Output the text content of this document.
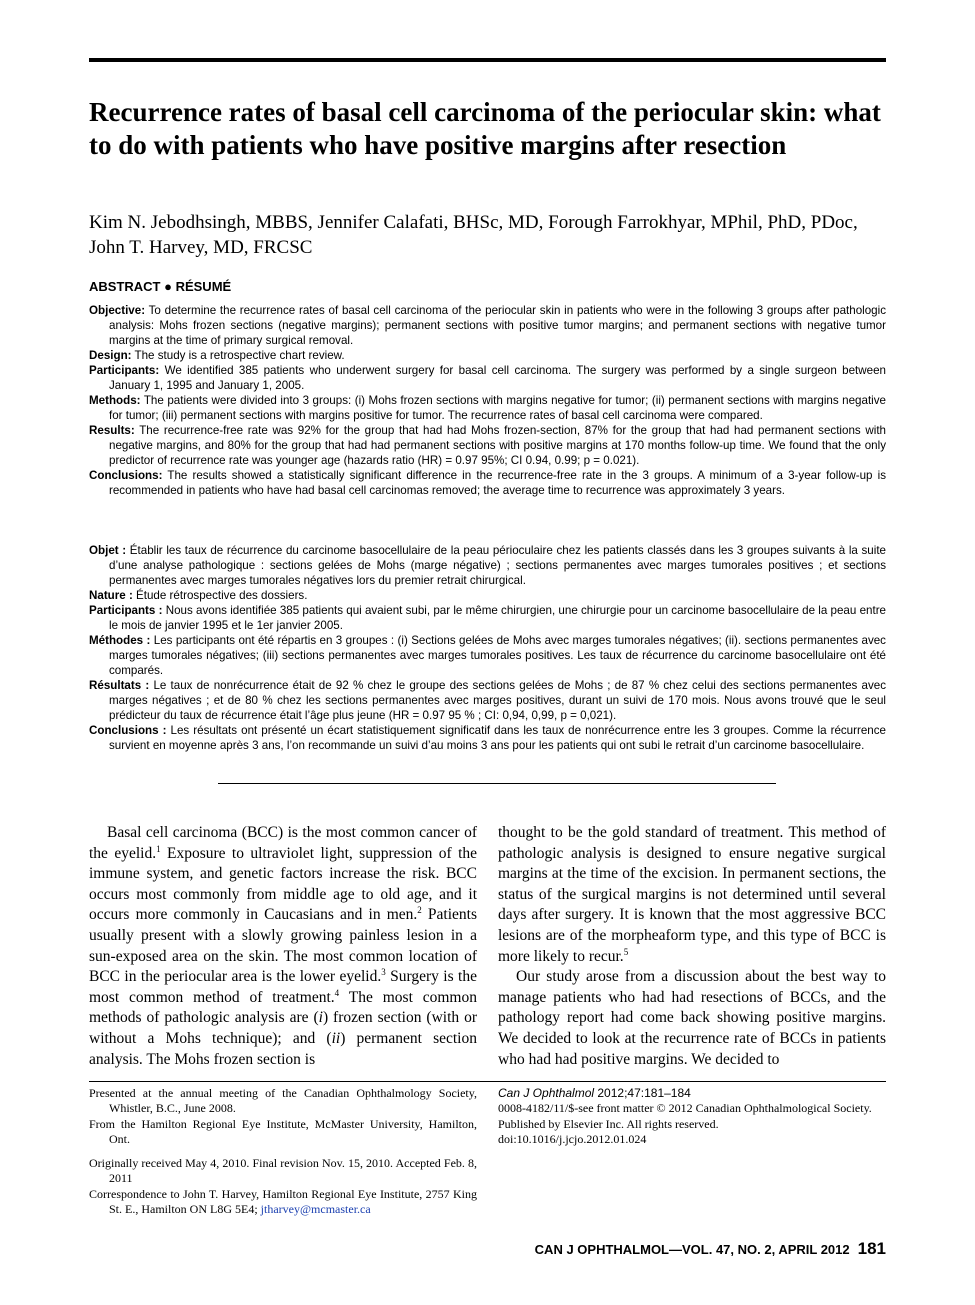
Recurrence rates of basal cell carcinoma of the periocular skin: what to do with patients who have positive margins after resection
Kim N. Jebodhsingh, MBBS, Jennifer Calafati, BHSc, MD, Forough Farrokhyar, MPhil, PhD, PDoc, John T. Harvey, MD, FRCSC
ABSTRACT ● RÉSUMÉ

Objective: To determine the recurrence rates of basal cell carcinoma of the periocular skin in patients who were in the following 3 groups after pathologic analysis: Mohs frozen sections (negative margins); permanent sections with positive tumor margins; and permanent sections with negative tumor margins at the time of primary surgical removal.

Design: The study is a retrospective chart review.

Participants: We identified 385 patients who underwent surgery for basal cell carcinoma. The surgery was performed by a single surgeon between January 1, 1995 and January 1, 2005.

Methods: The patients were divided into 3 groups: (i) Mohs frozen sections with margins negative for tumor; (ii) permanent sections with margins negative for tumor; (iii) permanent sections with margins positive for tumor. The recurrence rates of basal cell carcinoma were compared.

Results: The recurrence-free rate was 92% for the group that had had Mohs frozen-section, 87% for the group that had had permanent sections with negative margins, and 80% for the group that had had permanent sections with positive margins at 170 months follow-up time. We found that the only predictor of recurrence rate was younger age (hazards ratio (HR) = 0.97 95%; CI 0.94, 0.99; p = 0.021).

Conclusions: The results showed a statistically significant difference in the recurrence-free rate in the 3 groups. A minimum of a 3-year follow-up is recommended in patients who have had basal cell carcinomas removed; the average time to recurrence was approximately 3 years.

Objet : Établir les taux de récurrence du carcinome basocellulaire de la peau périoculaire chez les patients classés dans les 3 groupes suivants à la suite d’une analyse pathologique : sections gelées de Mohs (marge négative) ; sections permanentes avec marges tumorales positives ; et sections permanentes avec marges tumorales négatives lors du premier retrait chirurgical.

Nature : Étude rétrospective des dossiers.

Participants : Nous avons identifiée 385 patients qui avaient subi, par le même chirurgien, une chirurgie pour un carcinome basocellulaire de la peau entre le mois de janvier 1995 et le 1er janvier 2005.

Méthodes : Les participants ont été répartis en 3 groupes : (i) Sections gelées de Mohs avec marges tumorales négatives; (ii). sections permanentes avec marges tumorales négatives; (iii) sections permanentes avec marges tumorales positives. Les taux de récurrence du carcinome basocellulaire ont été comparés.

Résultats : Le taux de nonrécurrence était de 92 % chez le groupe des sections gelées de Mohs ; de 87 % chez celui des sections permanentes avec marges négatives ; et de 80 % chez les sections permanentes avec marges positives, durant un suivi de 170 mois. Nous avons trouvé que le seul prédicteur du taux de récurrence était l’âge plus jeune (HR = 0.97 95 % ; CI: 0,94, 0,99, p = 0,021).

Conclusions : Les résultats ont présenté un écart statistiquement significatif dans les taux de nonrécurrence entre les 3 groupes. Comme la récurrence survient en moyenne après 3 ans, l’on recommande un suivi d’au moins 3 ans pour les patients qui ont subi le retrait d’un carcinome basocellulaire.

Basal cell carcinoma (BCC) is the most common cancer of the eyelid.$^1$ Exposure to ultraviolet light, suppression of the immune system, and genetic factors increase the risk. BCC occurs most commonly from middle age to old age, and it occurs more commonly in Caucasians and in men.$^2$ Patients usually present with a slowly growing painless lesion in a sun-exposed area on the skin. The most common location of BCC in the periocular area is the lower eyelid.$^3$ Surgery is the most common method of treatment.$^4$ The most common methods of pathologic analysis are (i) frozen section (with or without a Mohs technique); and (ii) permanent section analysis. The Mohs frozen section is

thought to be the gold standard of treatment. This method of pathologic analysis is designed to ensure negative surgical margins at the time of the excision. In permanent sections, the status of the surgical margins is not determined until several days after surgery. It is known that the most aggressive BCC lesions are of the morpheaform type, and this type of BCC is more likely to recur.$^5$

Our study arose from a discussion about the best way to manage patients who had had resections of BCCs, and the pathology report had come back showing positive margins. We decided to look at the recurrence rate of BCCs in patients who had had positive margins. We decided to

Presented at the annual meeting of the Canadian Ophthalmology Society, Whistler, B.C., June 2008.

From the Hamilton Regional Eye Institute, McMaster University, Hamilton, Ont.

Originally received May 4, 2010. Final revision Nov. 15, 2010. Accepted Feb. 8, 2011

Correspondence to John T. Harvey, Hamilton Regional Eye Institute, 2757 King St. E., Hamilton ON L8G 5E4; jtharvey@mcmaster.ca

Can J Ophthalmol 2012;47:181–184

0008-4182/11/$-see front matter © 2012 Canadian Ophthalmological Society. Published by Elsevier Inc. All rights reserved.

doi:10.1016/j.jcjo.2012.01.024

CAN J OPHTHALMOL—VOL. 47, NO. 2, APRIL 2012 181
